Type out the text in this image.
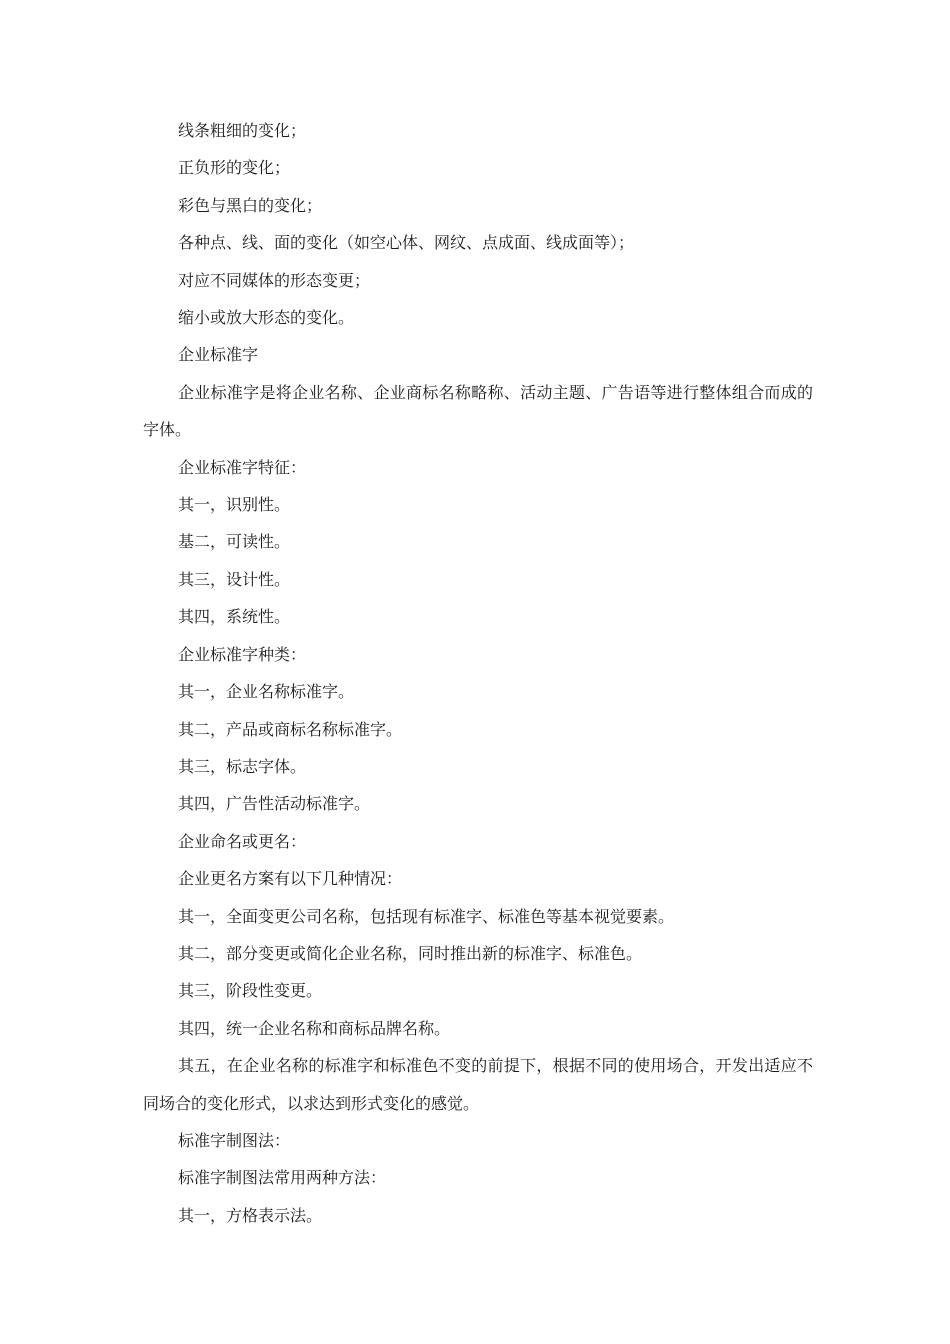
线条粗细的变化；

正负形的变化；

彩色与黑白的变化；

各种点、线、面的变化（如空心体、网纹、点成面、线成面等）；

对应不同媒体的形态变更；

缩小或放大形态的变化。

企业标准字

企业标准字是将企业名称、企业商标名称略称、活动主题、广告语等进行整体组合而成的字体。

企业标准字特征：

其一，识别性。

基二，可读性。

其三，设计性。

其四，系统性。

企业标准字种类：

其一，企业名称标准字。

其二，产品或商标名称标准字。

其三，标志字体。

其四，广告性活动标准字。

企业命名或更名：

企业更名方案有以下几种情况：

其一，全面变更公司名称，包括现有标准字、标准色等基本视觉要素。

其二，部分变更或简化企业名称，同时推出新的标准字、标准色。

其三，阶段性变更。

其四，统一企业名称和商标品牌名称。

其五，在企业名称的标准字和标准色不变的前提下，根据不同的使用场合，开发出适应不同场合的变化形式，以求达到形式变化的感觉。

标准字制图法：

标准字制图法常用两种方法：

其一，方格表示法。
